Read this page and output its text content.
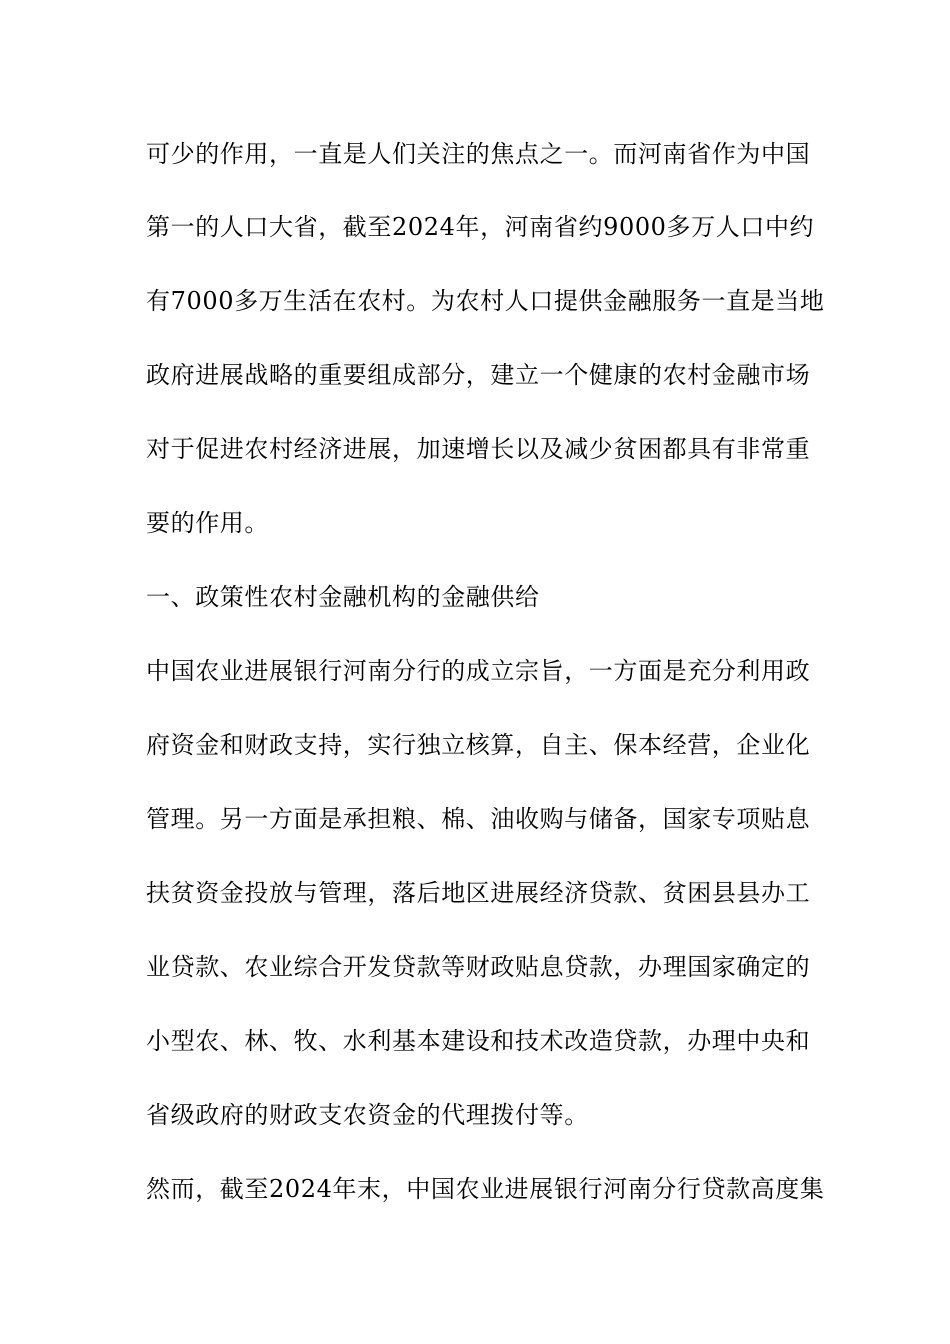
可少的作用，一直是人们关注的焦点之一。而河南省作为中国
第一的人口大省，截至2024年，河南省约9000多万人口中约
有7000多万生活在农村。为农村人口提供金融服务一直是当地
政府进展战略的重要组成部分，建立一个健康的农村金融市场
对于促进农村经济进展，加速增长以及减少贫困都具有非常重
要的作用。
一、政策性农村金融机构的金融供给
中国农业进展银行河南分行的成立宗旨，一方面是充分利用政
府资金和财政支持，实行独立核算，自主、保本经营，企业化
管理。另一方面是承担粮、棉、油收购与储备，国家专项贴息
扶贫资金投放与管理，落后地区进展经济贷款、贫困县县办工
业贷款、农业综合开发贷款等财政贴息贷款，办理国家确定的
小型农、林、牧、水利基本建设和技术改造贷款，办理中央和
省级政府的财政支农资金的代理拨付等。
然而，截至2024年末，中国农业进展银行河南分行贷款高度集
